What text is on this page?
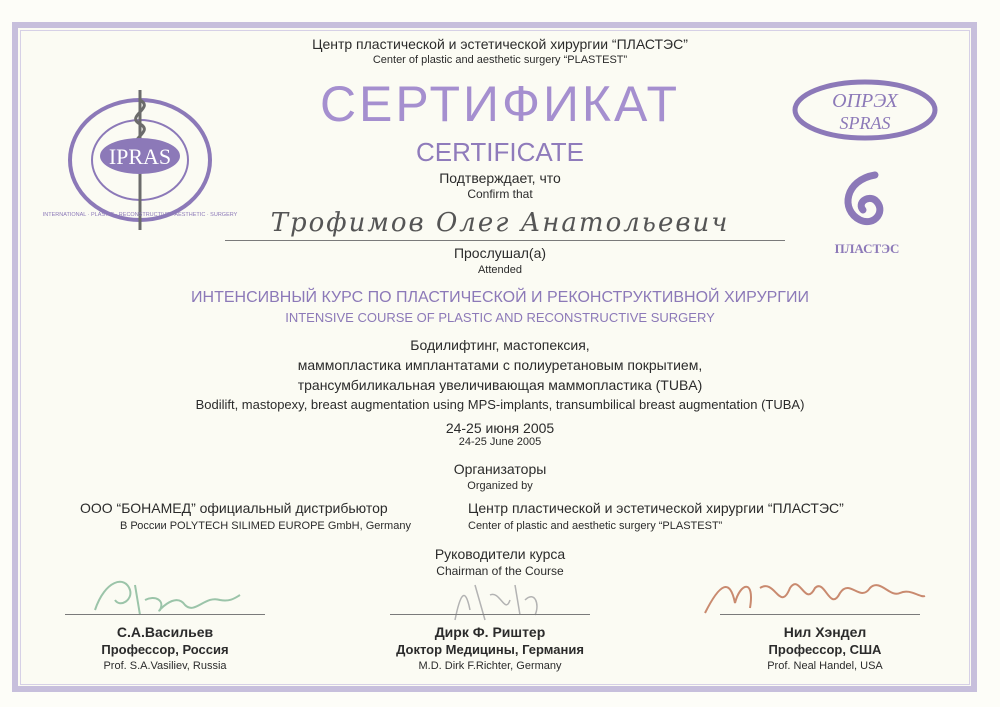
IPRAS
INTERNATIONAL · PLASTIC · RECONSTRUCTIVE · AESTHETIC · SURGERY
ОПРЭХ
SPRAS
ПЛАСТЭС
Центр пластической и эстетической хирургии “ПЛАСТЭС”
Center of plastic and aesthetic surgery “PLASTEST”
СЕРТИФИКАТ
CERTIFICATE
Подтверждает, что
Confirm that
Трофимов Олег Анатольевич
Прослушал(а)
Attended
ИНТЕНСИВНЫЙ КУРС ПО ПЛАСТИЧЕСКОЙ И РЕКОНСТРУКТИВНОЙ ХИРУРГИИ
INTENSIVE COURSE OF PLASTIC AND RECONSTRUCTIVE SURGERY
Бодилифтинг, мастопексия,
маммопластика имплантатами с полиуретановым покрытием,
трансумбиликальная увеличивающая маммопластика (TUBA)
Bodilift, mastopexy, breast augmentation using MPS-implants, transumbilical breast augmentation (TUBA)
24-25 июня 2005
24-25 June 2005
Организаторы
Organized by
ООО “БОНАМЕД” официальный дистрибьютор
В России POLYTECH SILIMED EUROPE GmbH, Germany
Центр пластической и эстетической хирургии “ПЛАСТЭС”
Center of plastic and aesthetic surgery “PLASTEST”
Руководители курса
Chairman of the Course
С.А.Васильев
Профессор, Россия
Prof. S.A.Vasiliev, Russia
Дирк Ф. Риштер
Доктор Медицины, Германия
M.D. Dirk F.Richter, Germany
Нил Хэндел
Профессор, США
Prof. Neal Handel, USA
